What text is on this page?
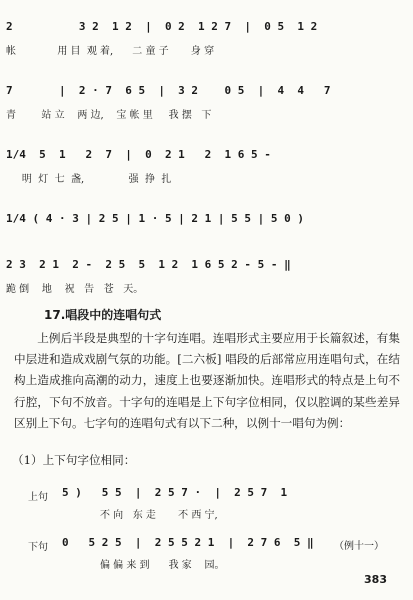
2          3 2  1 2  |  0 2  1 2 7  |  0 5  1 2
帐             用 目  观 着,      二 童 子       身 穿
7       |  2 · 7  6 5  |  3 2    0 5  |  4  4   7
青        站 立    两 边,    宝 帐 里     我 摆   下
1/4  5  1   2  7  |  0  2 1   2  1 6 5 -
明  灯  七  盏,              强  挣  扎
1/4 ( 4 · 3 | 2 5 | 1 · 5 | 2 1 | 5 5 | 5 0 )
2 3  2 1  2 -  2 5  5  1 2  1 6 5 2 - 5 - ‖
跪 倒    地    祝   告   苍   天。
17.唱段中的连唱句式
上例后半段是典型的十字句连唱。连唱形式主要应用于长篇叙述，有集中层进和造成戏剧气氛的功能。[二六板] 唱段的后部常应用连唱句式，在结构上造成推向高潮的动力，速度上也要逐渐加快。连唱形式的特点是上句不行腔，下句不放音。十字句的连唱是上下句字位相同，仅以腔调的某些差异区别上下句。七字句的连唱句式有以下二种，以例十一唱句为例：
（1）上下句字位相同：
上句 5 )   5 5  |  2 5 7 ·  |  2 5 7  1
不 向   东 走       不 西 宁,
下句 0   5 2 5  |  2 5 5 2 1  |  2 7 6  5 ‖
偏 偏 来 到      我 家    园。
（例十一）
383
